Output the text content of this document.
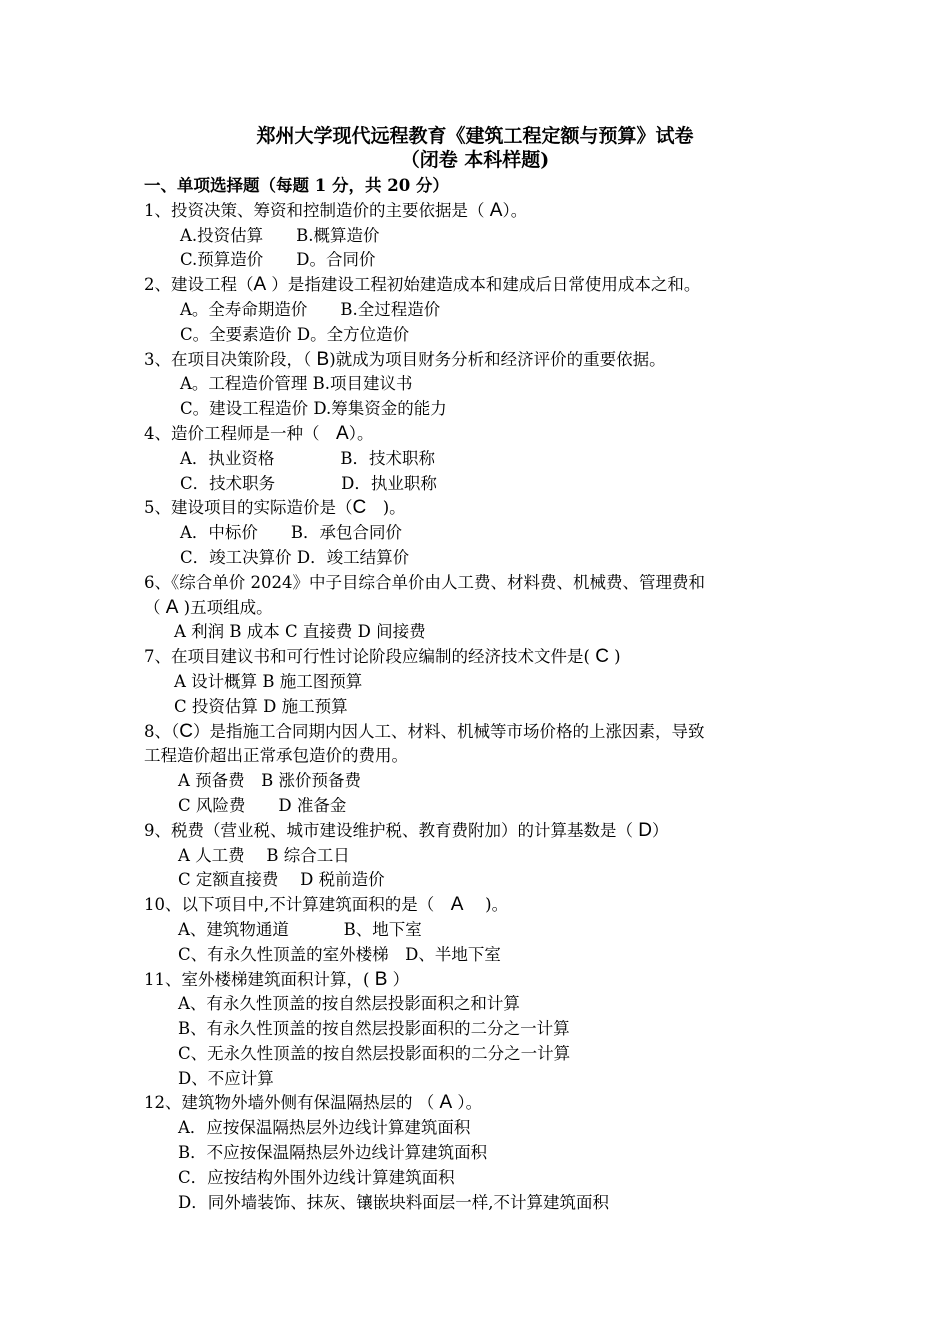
郑州大学现代远程教育《建筑工程定额与预算》试卷
（闭卷 本科样题)
一、单项选择题（每题 1 分，共 20 分）
1、投资决策、筹资和控制造价的主要依据是（ A）。
A.投资估算　　B.概算造价
C.预算造价　　D。合同价
2、建设工程（A ）是指建设工程初始建造成本和建成后日常使用成本之和。
A。全寿命期造价　　B.全过程造价
C。全要素造价 D。全方位造价
3、在项目决策阶段，（ B)就成为项目财务分析和经济评价的重要依据。
A。工程造价管理 B.项目建议书
C。建设工程造价 D.筹集资金的能力
4、造价工程师是一种（　A）。
A．执业资格　　　　B．技术职称
C．技术职务　　　　D．执业职称
5、建设项目的实际造价是（C　)。
A．中标价　　B．承包合同价
C．竣工决算价 D．竣工结算价
6、《综合单价 2024》中子目综合单价由人工费、材料费、机械费、管理费和
（ A )五项组成。
A 利润 B 成本 C 直接费 D 间接费
7、在项目建议书和可行性讨论阶段应编制的经济技术文件是( C )
A 设计概算 B 施工图预算
C 投资估算 D 施工预算
8、（C）是指施工合同期内因人工、材料、机械等市场价格的上涨因素，导致
工程造价超出正常承包造价的费用。
A 预备费　B 涨价预备费
C 风险费　　D 准备金
9、税费（营业税、城市建设维护税、教育费附加）的计算基数是（ D）
A 人工费　 B 综合工日
C 定额直接费　 D 税前造价
10、以下项目中,不计算建筑面积的是（　A　 )。
A、建筑物通道　　　 B、地下室
C、有永久性顶盖的室外楼梯　D、半地下室
11、室外楼梯建筑面积计算，( B ）
A、有永久性顶盖的按自然层投影面积之和计算
B、有永久性顶盖的按自然层投影面积的二分之一计算
C、无永久性顶盖的按自然层投影面积的二分之一计算
D、不应计算
12、建筑物外墙外侧有保温隔热层的 （ A ）。
A．应按保温隔热层外边线计算建筑面积
B．不应按保温隔热层外边线计算建筑面积
C．应按结构外围外边线计算建筑面积
D．同外墙装饰、抹灰、镶嵌块料面层一样,不计算建筑面积
